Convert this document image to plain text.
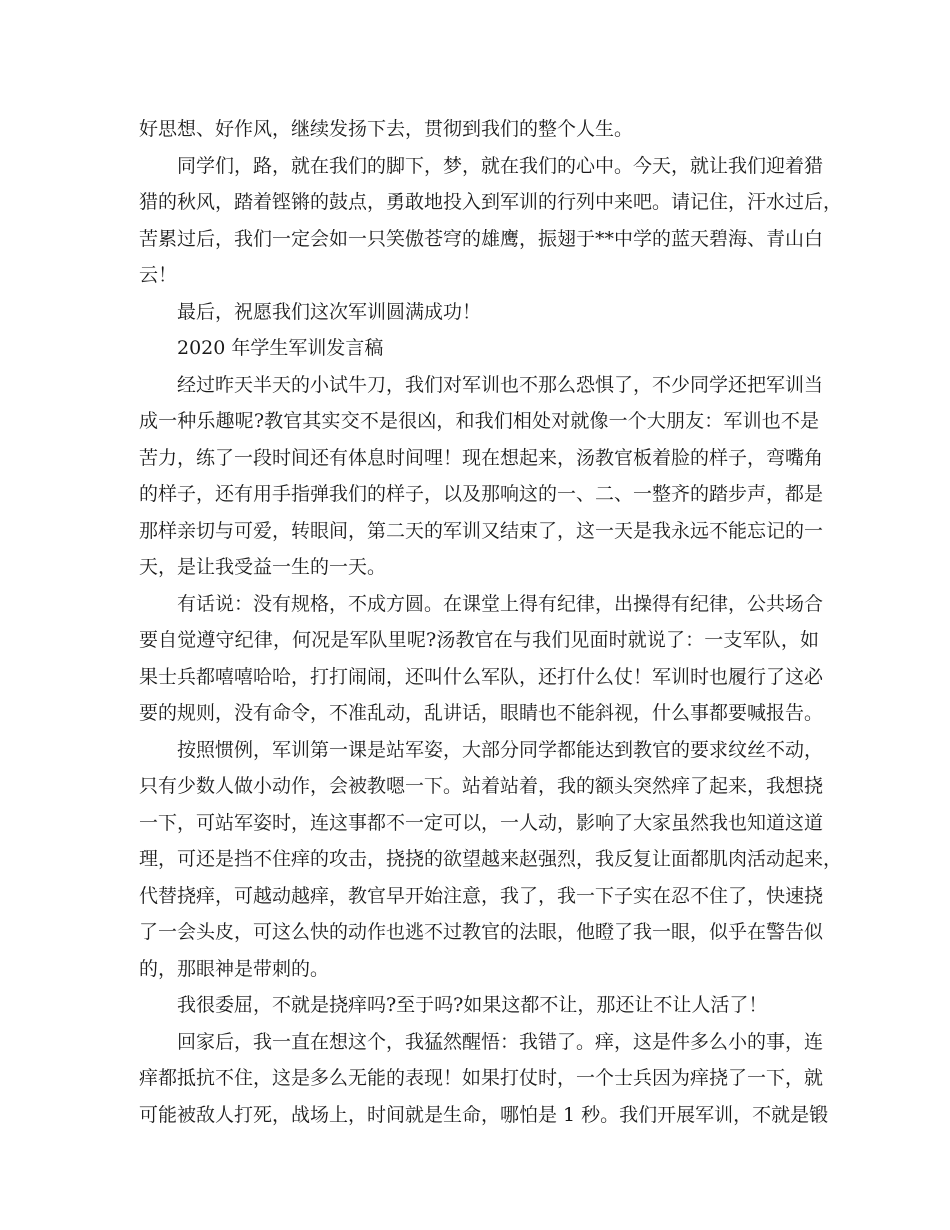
好思想、好作风，继续发扬下去，贯彻到我们的整个人生。
同学们，路，就在我们的脚下，梦，就在我们的心中。今天，就让我们迎着猎
猎的秋风，踏着铿锵的鼓点，勇敢地投入到军训的行列中来吧。请记住，汗水过后，
苦累过后，我们一定会如一只笑傲苍穹的雄鹰，振翅于**中学的蓝天碧海、青山白
云！
最后，祝愿我们这次军训圆满成功！
2020 年学生军训发言稿
经过昨天半天的小试牛刀，我们对军训也不那么恐惧了，不少同学还把军训当
成一种乐趣呢?教官其实交不是很凶，和我们相处对就像一个大朋友：军训也不是
苦力，练了一段时间还有体息时间哩！现在想起来，汤教官板着脸的样子，弯嘴角
的样子，还有用手指弹我们的样子，以及那响这的一、二、一整齐的踏步声，都是
那样亲切与可爱，转眼间，第二天的军训又结束了，这一天是我永远不能忘记的一
天，是让我受益一生的一天。
有话说：没有规格，不成方圆。在课堂上得有纪律，出操得有纪律，公共场合
要自觉遵守纪律，何况是军队里呢?汤教官在与我们见面时就说了：一支军队，如
果士兵都嘻嘻哈哈，打打闹闹，还叫什么军队，还打什么仗！军训时也履行了这必
要的规则，没有命令，不准乱动，乱讲话，眼睛也不能斜视，什么事都要喊报告。
按照惯例，军训第一课是站军姿，大部分同学都能达到教官的要求纹丝不动，
只有少数人做小动作，会被教嗯一下。站着站着，我的额头突然痒了起来，我想挠
一下，可站军姿时，连这事都不一定可以，一人动，影响了大家虽然我也知道这道
理，可还是挡不住痒的攻击，挠挠的欲望越来赵强烈，我反复让面都肌肉活动起来，
代替挠痒，可越动越痒，教官早开始注意，我了，我一下子实在忍不住了，快速挠
了一会头皮，可这么快的动作也逃不过教官的法眼，他瞪了我一眼，似乎在警告似
的，那眼神是带刺的。
我很委屈，不就是挠痒吗?至于吗?如果这都不让，那还让不让人活了！
回家后，我一直在想这个，我猛然醒悟：我错了。痒，这是件多么小的事，连
痒都抵抗不住，这是多么无能的表现！如果打仗时，一个士兵因为痒挠了一下，就
可能被敌人打死，战场上，时间就是生命，哪怕是 1 秒。我们开展军训，不就是锻
